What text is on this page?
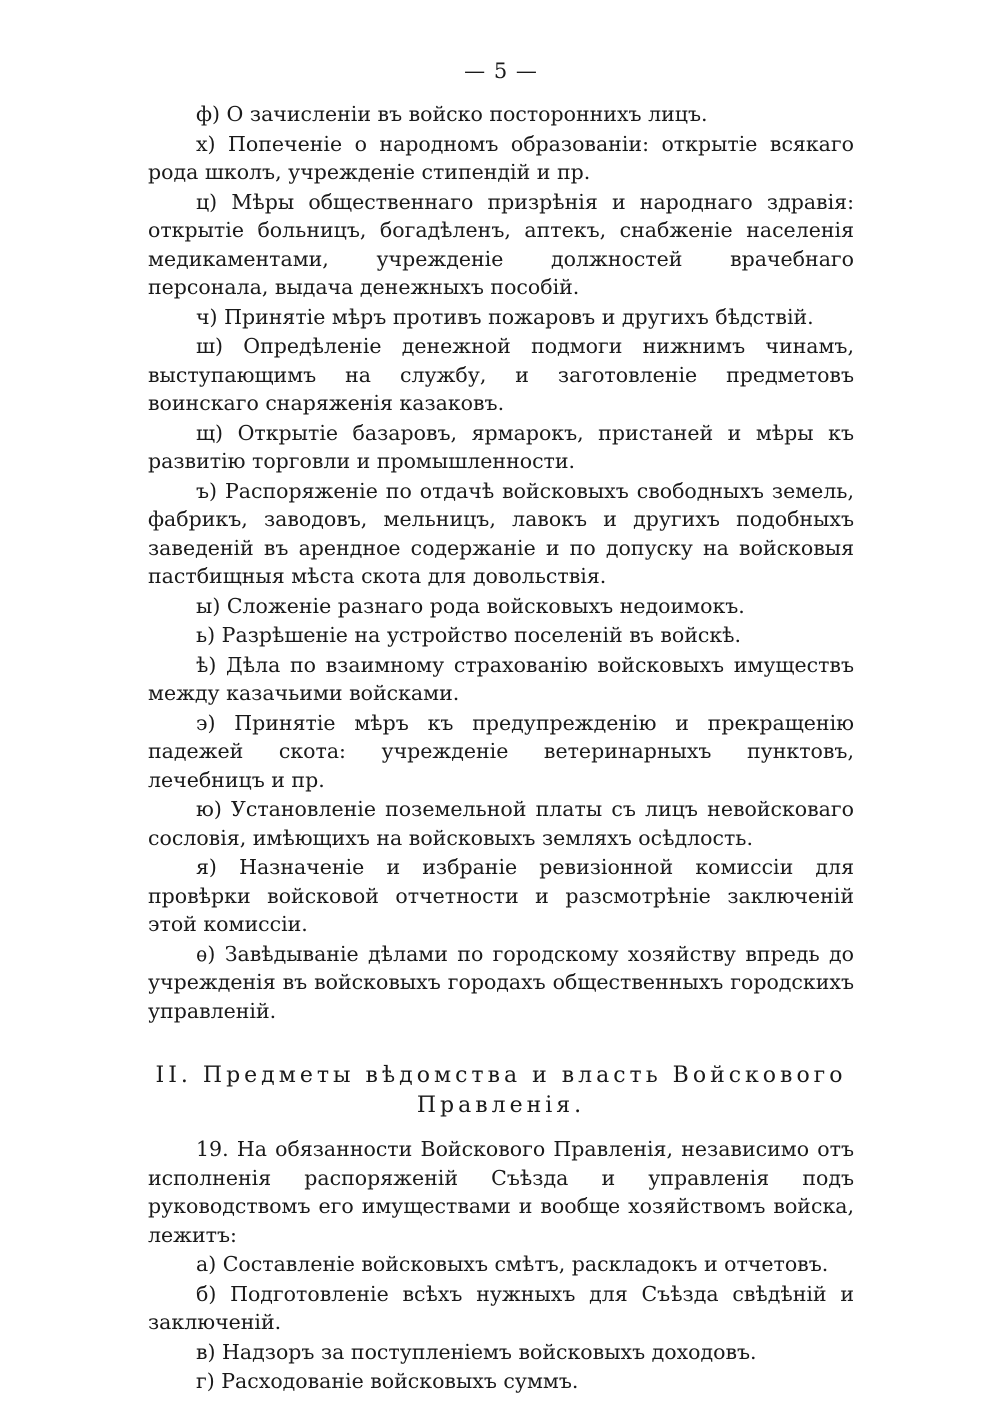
— 5 —

ф) О зачисленіи въ войско постороннихъ лицъ.

х) Попеченіе о народномъ образованіи: открытіе всякаго рода школъ, учрежденіе стипендій и пр.

ц) Мѣры общественнаго призрѣнія и народнаго здравія: открытіе больницъ, богадѣленъ, аптекъ, снабженіе населенія медикаментами, учрежденіе должностей врачебнаго персонала, выдача денежныхъ пособій.

ч) Принятіе мѣръ противъ пожаровъ и другихъ бѣдствій.

ш) Опредѣленіе денежной подмоги нижнимъ чинамъ, выступающимъ на службу, и заготовленіе предметовъ воинскаго снаряженія казаковъ.

щ) Открытіе базаровъ, ярмарокъ, пристаней и мѣры къ развитію торговли и промышленности.

ъ) Распоряженіе по отдачѣ войсковыхъ свободныхъ земель, фабрикъ, заводовъ, мельницъ, лавокъ и другихъ подобныхъ заведеній въ арендное содержаніе и по допуску на войсковыя пастбищныя мѣста скота для довольствія.

ы) Сложеніе разнаго рода войсковыхъ недоимокъ.

ь) Разрѣшеніе на устройство поселеній въ войскѣ.

ѣ) Дѣла по взаимному страхованію войсковыхъ имуществъ между казачьими войсками.

э) Принятіе мѣръ къ предупрежденію и прекращенію падежей скота: учрежденіе ветеринарныхъ пунктовъ, лечебницъ и пр.

ю) Установленіе поземельной платы съ лицъ невойсковаго сословія, имѣющихъ на войсковыхъ земляхъ осѣдлость.

я) Назначеніе и избраніе ревизіонной комиссіи для провѣрки войсковой отчетности и разсмотрѣніе заключеній этой комиссіи.

ѳ) Завѣдываніе дѣлами по городскому хозяйству впредь до учрежденія въ войсковыхъ городахъ общественныхъ городскихъ управленій.

II. Предметы вѣдомства и власть Войскового Правленія.

19. На обязанности Войскового Правленія, независимо отъ исполненія распоряженій Съѣзда и управленія подъ руководствомъ его имуществами и вообще хозяйствомъ войска, лежитъ:

а) Составленіе войсковыхъ смѣтъ, раскладокъ и отчетовъ.

б) Подготовленіе всѣхъ нужныхъ для Съѣзда свѣдѣній и заключеній.

в) Надзоръ за поступленіемъ войсковыхъ доходовъ.

г) Расходованіе войсковыхъ суммъ.
